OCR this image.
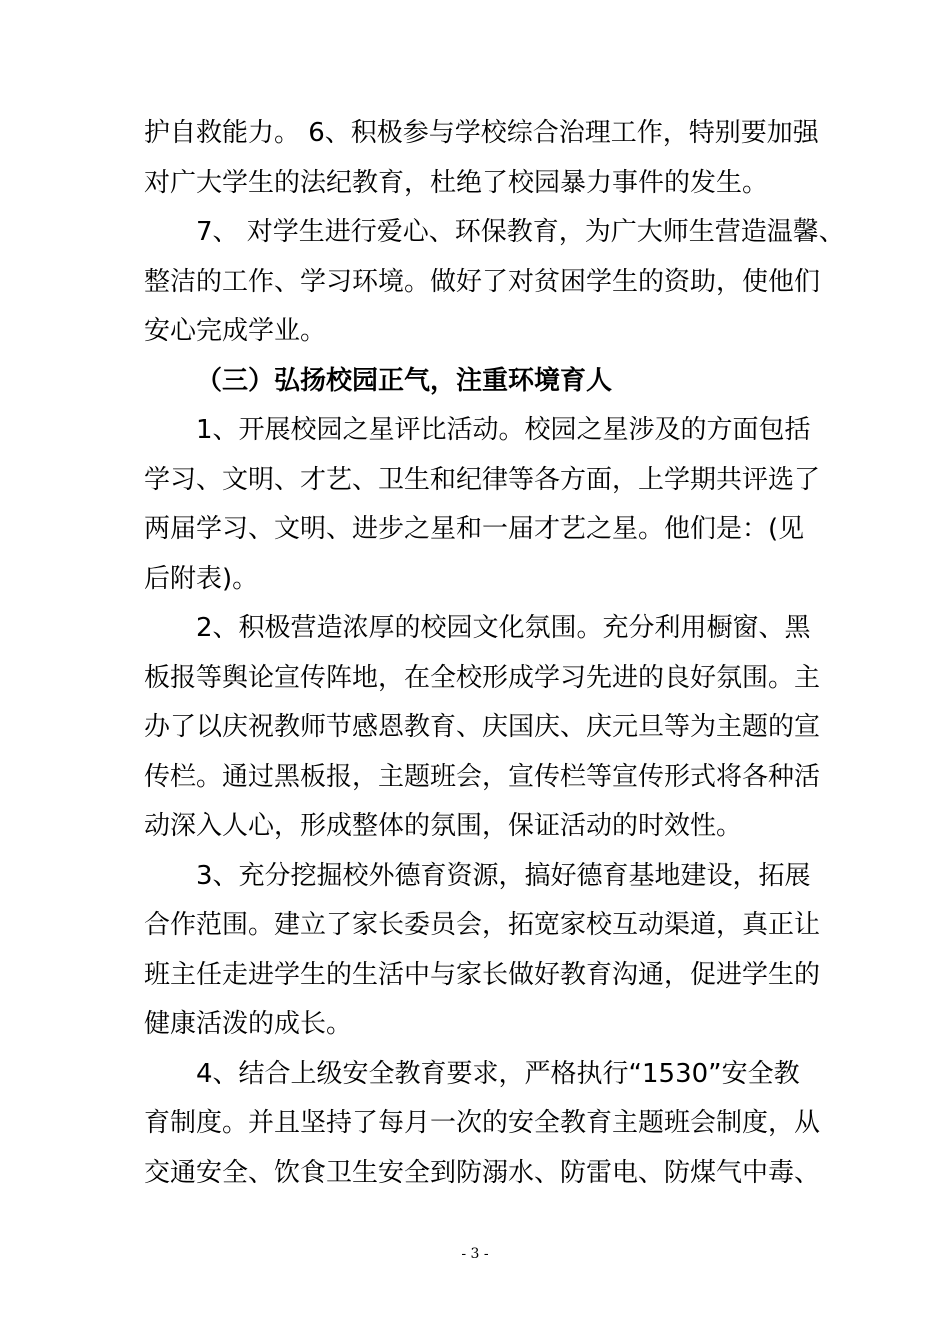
护自救能力。 6、积极参与学校综合治理工作，特别要加强
对广大学生的法纪教育，杜绝了校园暴力事件的发生。
7、 对学生进行爱心、环保教育，为广大师生营造温馨、
整洁的工作、学习环境。做好了对贫困学生的资助，使他们
安心完成学业。
（三）弘扬校园正气，注重环境育人
1、开展校园之星评比活动。校园之星涉及的方面包括
学习、文明、才艺、卫生和纪律等各方面，上学期共评选了
两届学习、文明、进步之星和一届才艺之星。他们是：(见
后附表)。
2、积极营造浓厚的校园文化氛围。充分利用橱窗、黑
板报等舆论宣传阵地，在全校形成学习先进的良好氛围。主
办了以庆祝教师节感恩教育、庆国庆、庆元旦等为主题的宣
传栏。通过黑板报，主题班会，宣传栏等宣传形式将各种活
动深入人心，形成整体的氛围，保证活动的时效性。
3、充分挖掘校外德育资源，搞好德育基地建设，拓展
合作范围。建立了家长委员会，拓宽家校互动渠道，真正让
班主任走进学生的生活中与家长做好教育沟通，促进学生的
健康活泼的成长。
4、结合上级安全教育要求，严格执行“1530”安全教
育制度。并且坚持了每月一次的安全教育主题班会制度，从
交通安全、饮食卫生安全到防溺水、防雷电、防煤气中毒、
- 3 -
